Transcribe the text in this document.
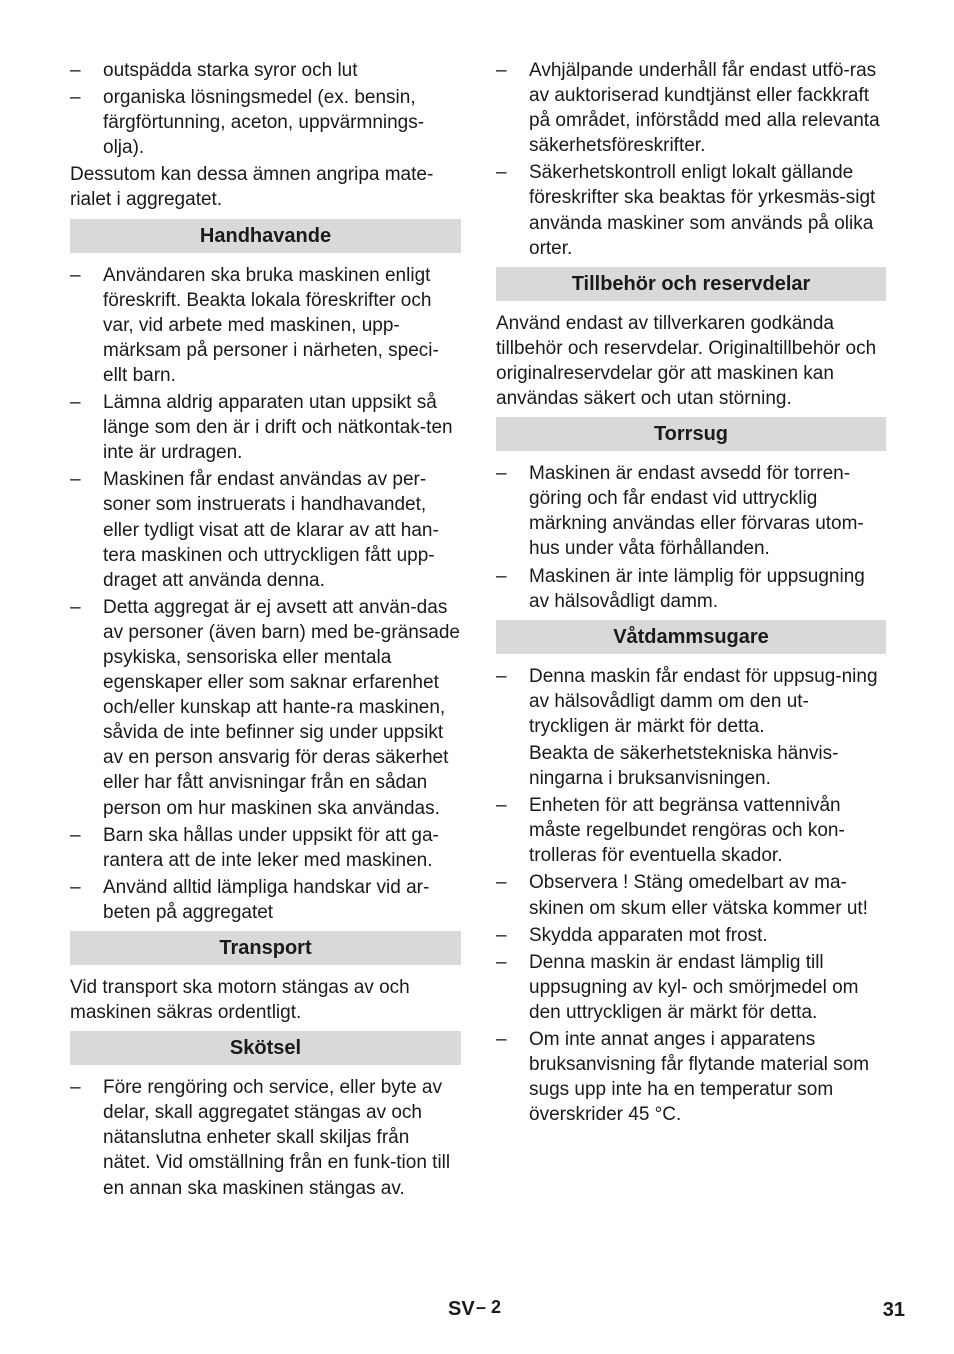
–	outspädda starka syror och lut
–	organiska lösningsmedel (ex. bensin, färgförtunning, aceton, uppvärmnings-olja).

Dessutom kan dessa ämnen angripa mate-rialet i aggregatet.

Handhavande
–	Användaren ska bruka maskinen enligt föreskrift. Beakta lokala föreskrifter och var, vid arbete med maskinen, upp-märksam på personer i närheten, speci-ellt barn.
–	Lämna aldrig apparaten utan uppsikt så länge som den är i drift och nätkontak-ten inte är urdragen.
–	Maskinen får endast användas av per-soner som instruerats i handhavandet, eller tydligt visat att de klarar av att han-tera maskinen och uttryckligen fått upp-draget att använda denna.
–	Detta aggregat är ej avsett att använ-das av personer (även barn) med be-gränsade psykiska, sensoriska eller mentala egenskaper eller som saknar erfarenhet och/eller kunskap att hante-ra maskinen, såvida de inte befinner sig under uppsikt av en person ansvarig för deras säkerhet eller har fått anvisningar från en sådan person om hur maskinen ska användas.
–	Barn ska hållas under uppsikt för att ga-rantera att de inte leker med maskinen.
–	Använd alltid lämpliga handskar vid ar-beten på aggregatet
Transport

Vid transport ska motorn stängas av och maskinen säkras ordentligt.

Skötsel
–	Före rengöring och service, eller byte av delar, skall aggregatet stängas av och nätanslutna enheter skall skiljas från nätet. Vid omställning från en funk-tion till en annan ska maskinen stängas av.
–	Avhjälpande underhåll får endast utfö-ras av auktoriserad kundtjänst eller fackkraft på området, införstådd med alla relevanta säkerhetsföreskrifter.
–	Säkerhetskontroll enligt lokalt gällande föreskrifter ska beaktas för yrkesmäs-sigt använda maskiner som används på olika orter.
Tillbehör och reservdelar

Använd endast av tillverkaren godkända tillbehör och reservdelar. Originaltillbehör och originalreservdelar gör att maskinen kan användas säkert och utan störning.

Torrsug
–	Maskinen är endast avsedd för torren-göring och får endast vid uttrycklig märkning användas eller förvaras utom-hus under våta förhållanden.
–	Maskinen är inte lämplig för uppsugning av hälsovådligt damm.
Våtdammsugare
–	Denna maskin får endast för uppsug-ning av hälsovådligt damm om den ut-tryckligen är märkt för detta.
Beakta de säkerhetstekniska hänvis-ningarna i bruksanvisningen.
–	Enheten för att begränsa vattennivån måste regelbundet rengöras och kon-trolleras för eventuella skador.
–	Observera ! Stäng omedelbart av ma-skinen om skum eller vätska kommer ut!
–	Skydda apparaten mot frost.
–	Denna maskin är endast lämplig till uppsugning av kyl- och smörjmedel om den uttryckligen är märkt för detta.
–	Om inte annat anges i apparatens bruksanvisning får flytande material som sugs upp inte ha en temperatur som överskrider 45 °C.
SV – 2	31
